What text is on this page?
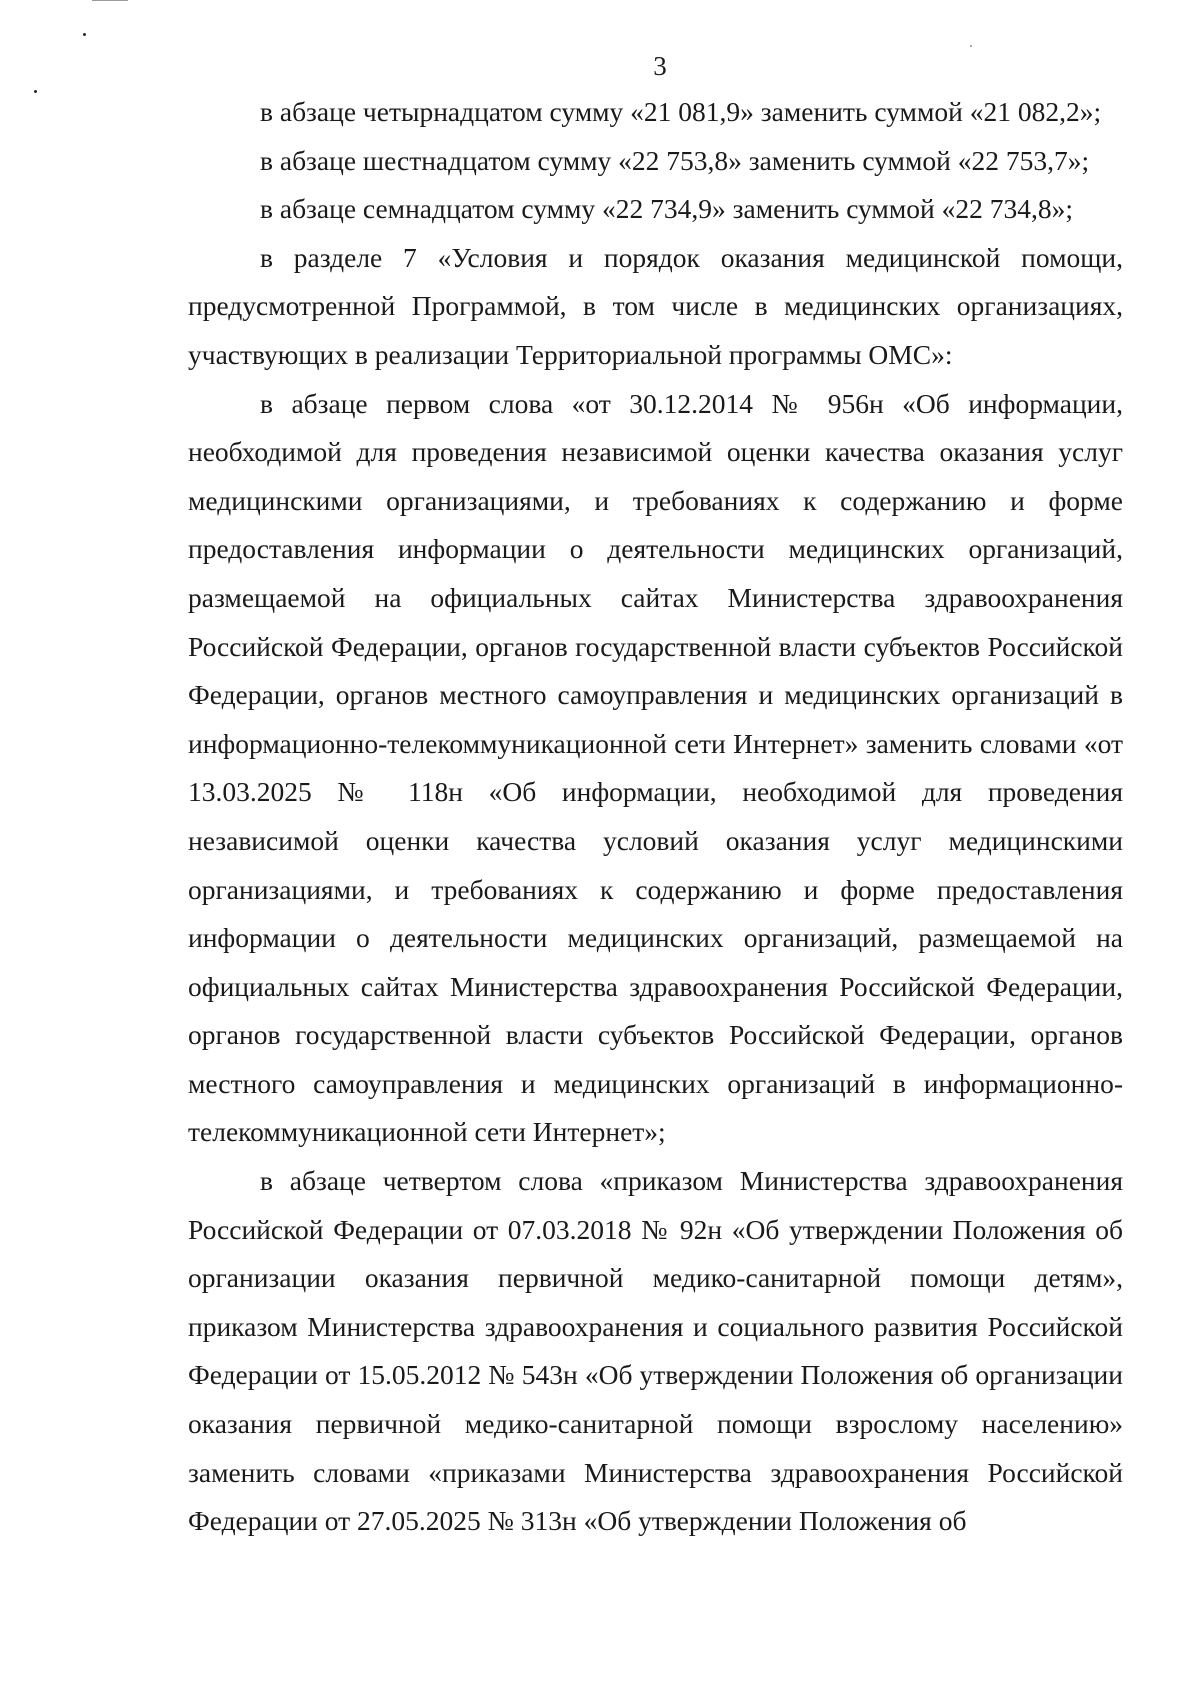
3

в абзаце четырнадцатом сумму «21 081,9» заменить суммой «21 082,2»;

в абзаце шестнадцатом сумму «22 753,8» заменить суммой «22 753,7»;

в абзаце семнадцатом сумму «22 734,9» заменить суммой «22 734,8»;

в разделе 7 «Условия и порядок оказания медицинской помощи, предусмотренной Программой, в том числе в медицинских организациях, участвующих в реализации Территориальной программы ОМС»:

в абзаце первом слова «от 30.12.2014 № 956н «Об информации, необходимой для проведения независимой оценки качества оказания услуг медицинскими организациями, и требованиях к содержанию и форме предоставления информации о деятельности медицинских организаций, размещаемой на официальных сайтах Министерства здравоохранения Российской Федерации, органов государственной власти субъектов Российской Федерации, органов местного самоуправления и медицинских организаций в информационно-телекоммуникационной сети Интернет» заменить словами «от 13.03.2025 № 118н «Об информации, необходимой для проведения независимой оценки качества условий оказания услуг медицинскими организациями, и требованиях к содержанию и форме предоставления информации о деятельности медицинских организаций, размещаемой на официальных сайтах Министерства здравоохранения Российской Федерации, органов государственной власти субъектов Российской Федерации, органов местного самоуправления и медицинских организаций в информационно-телекоммуникационной сети Интернет»;

в абзаце четвертом слова «приказом Министерства здравоохранения Российской Федерации от 07.03.2018 № 92н «Об утверждении Положения об организации оказания первичной медико-санитарной помощи детям», приказом Министерства здравоохранения и социального развития Российской Федерации от 15.05.2012 № 543н «Об утверждении Положения об организации оказания первичной медико-санитарной помощи взрослому населению» заменить словами «приказами Министерства здравоохранения Российской Федерации от 27.05.2025 № 313н «Об утверждении Положения об
